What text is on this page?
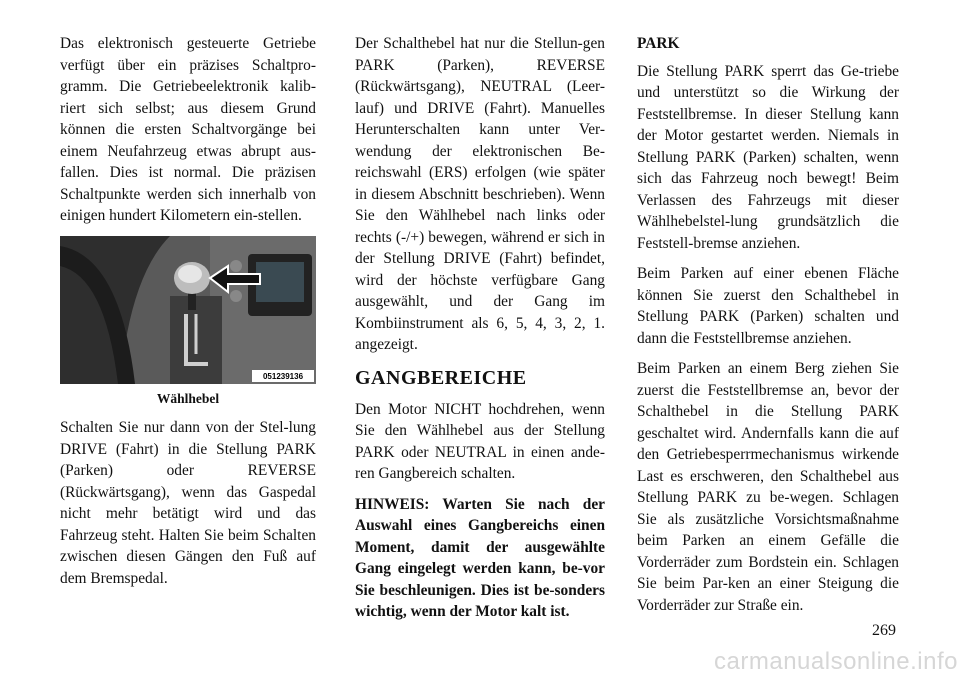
Das elektronisch gesteuerte Getriebe verfügt über ein präzises Schaltpro-gramm. Die Getriebeelektronik kalib-riert sich selbst; aus diesem Grund können die ersten Schaltvorgänge bei einem Neufahrzeug etwas abrupt aus-fallen. Dies ist normal. Die präzisen Schaltpunkte werden sich innerhalb von einigen hundert Kilometern ein-stellen.

051239136
Wählhebel

Schalten Sie nur dann von der Stel-lung DRIVE (Fahrt) in die Stellung PARK (Parken) oder REVERSE (Rückwärtsgang), wenn das Gaspedal nicht mehr betätigt wird und das Fahrzeug steht. Halten Sie beim Schalten zwischen diesen Gängen den Fuß auf dem Bremspedal.

Der Schalthebel hat nur die Stellun-gen PARK (Parken), REVERSE (Rückwärtsgang), NEUTRAL (Leer-lauf) und DRIVE (Fahrt). Manuelles Herunterschalten kann unter Ver-wendung der elektronischen Be-reichswahl (ERS) erfolgen (wie später in diesem Abschnitt beschrieben). Wenn Sie den Wählhebel nach links oder rechts (-/+) bewegen, während er sich in der Stellung DRIVE (Fahrt) befindet, wird der höchste verfügbare Gang ausgewählt, und der Gang im Kombiinstrument als 6, 5, 4, 3, 2, 1. angezeigt.

GANGBEREICHE

Den Motor NICHT hochdrehen, wenn Sie den Wählhebel aus der Stellung PARK oder NEUTRAL in einen ande-ren Gangbereich schalten.

HINWEIS: Warten Sie nach der Auswahl eines Gangbereichs einen Moment, damit der ausgewählte Gang eingelegt werden kann, be-vor Sie beschleunigen. Dies ist be-sonders wichtig, wenn der Motor kalt ist.

PARK

Die Stellung PARK sperrt das Ge-triebe und unterstützt so die Wirkung der Feststellbremse. In dieser Stellung kann der Motor gestartet werden. Niemals in Stellung PARK (Parken) schalten, wenn sich das Fahrzeug noch bewegt! Beim Verlassen des Fahrzeugs mit dieser Wählhebelstel-lung grundsätzlich die Feststell-bremse anziehen.

Beim Parken auf einer ebenen Fläche können Sie zuerst den Schalthebel in Stellung PARK (Parken) schalten und dann die Feststellbremse anziehen.

Beim Parken an einem Berg ziehen Sie zuerst die Feststellbremse an, bevor der Schalthebel in die Stellung PARK geschaltet wird. Andernfalls kann die auf den Getriebesperrmechanismus wirkende Last es erschweren, den Schalthebel aus Stellung PARK zu be-wegen. Schlagen Sie als zusätzliche Vorsichtsmaßnahme beim Parken an einem Gefälle die Vorderräder zum Bordstein ein. Schlagen Sie beim Par-ken an einer Steigung die Vorderräder zur Straße ein.

269
carmanualsonline.info
